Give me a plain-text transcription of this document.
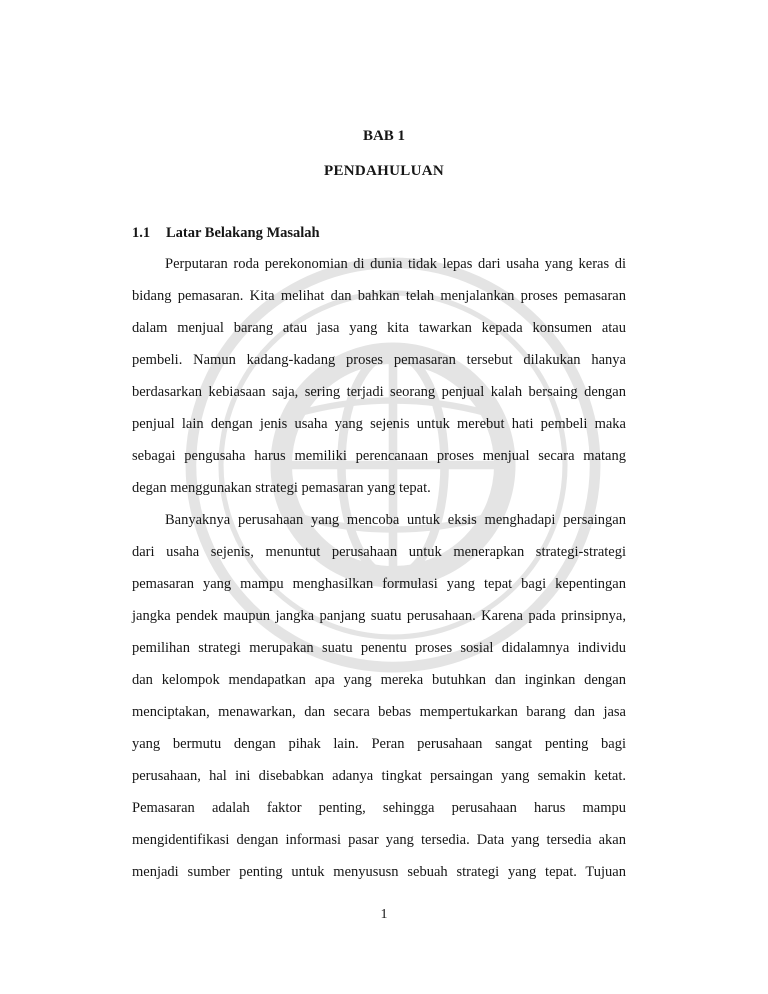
BAB 1
PENDAHULUAN
1.1 Latar Belakang Masalah
Perputaran roda perekonomian di dunia tidak lepas dari usaha yang keras di
bidang pemasaran. Kita melihat dan bahkan telah menjalankan proses pemasaran
dalam menjual barang atau jasa yang kita tawarkan kepada konsumen atau
pembeli. Namun kadang-kadang proses pemasaran tersebut dilakukan hanya
berdasarkan kebiasaan saja, sering terjadi seorang penjual kalah bersaing dengan
penjual lain dengan jenis usaha yang sejenis untuk merebut hati pembeli maka
sebagai pengusaha harus memiliki perencanaan proses menjual secara matang
degan menggunakan strategi pemasaran yang tepat.
Banyaknya perusahaan yang mencoba untuk eksis menghadapi persaingan
dari usaha sejenis, menuntut perusahaan untuk menerapkan strategi-strategi
pemasaran yang mampu menghasilkan formulasi yang tepat bagi kepentingan
jangka pendek maupun jangka panjang suatu perusahaan. Karena pada prinsipnya,
pemilihan strategi merupakan suatu penentu proses sosial didalamnya individu
dan kelompok mendapatkan apa yang mereka butuhkan dan inginkan dengan
menciptakan, menawarkan, dan secara bebas mempertukarkan barang dan jasa
yang bermutu dengan pihak lain. Peran perusahaan sangat penting bagi
perusahaan, hal ini disebabkan adanya tingkat persaingan yang semakin ketat.
Pemasaran adalah faktor penting, sehingga perusahaan harus mampu
mengidentifikasi dengan informasi pasar yang tersedia. Data yang tersedia akan
menjadi sumber penting untuk menyususn sebuah strategi yang tepat. Tujuan
1
